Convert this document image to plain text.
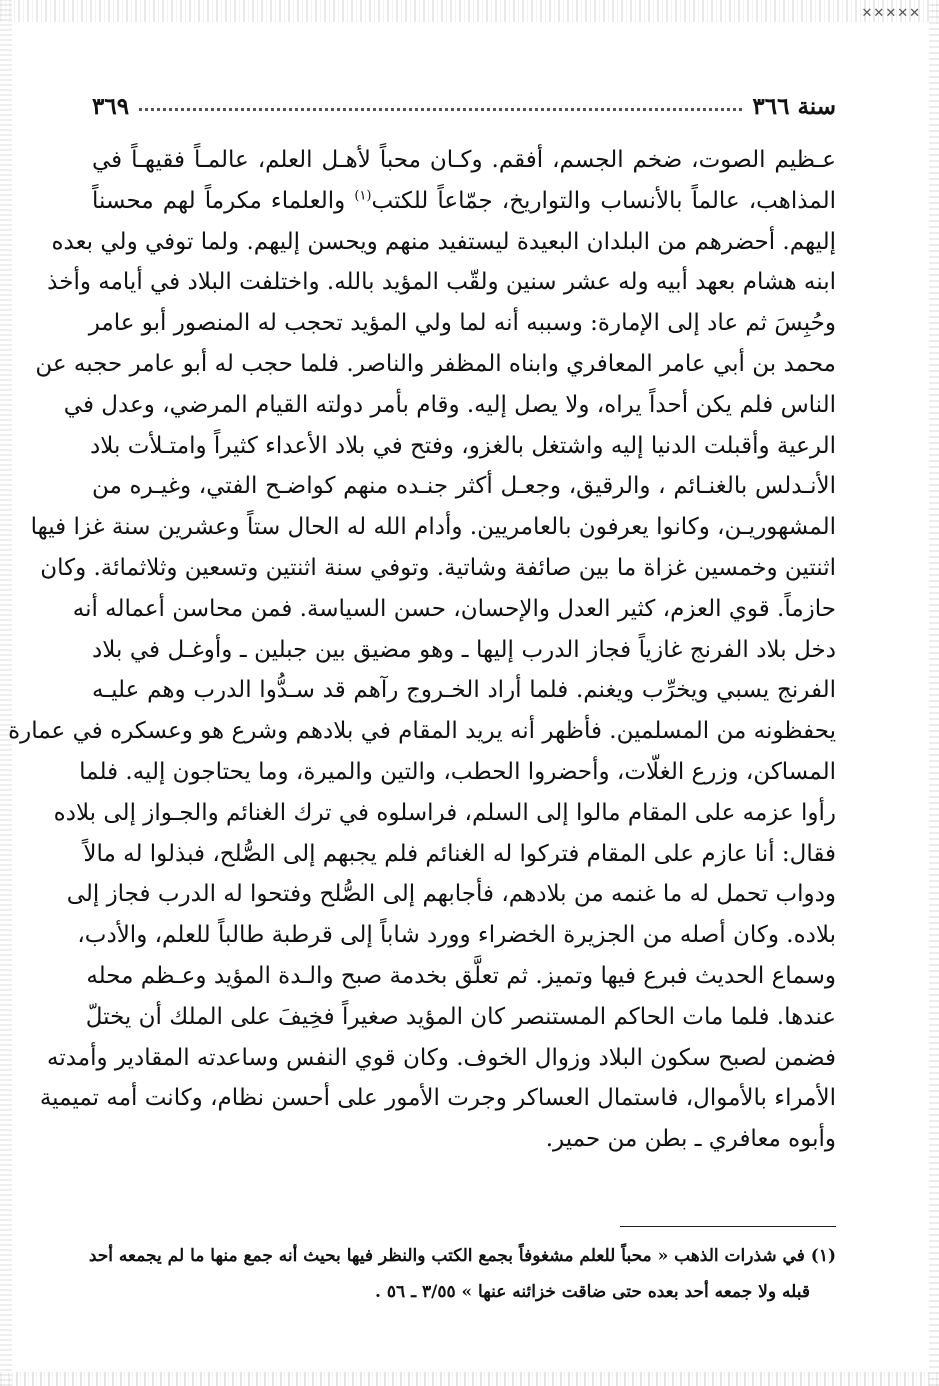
✕✕✕✕✕
سنة ٣٦٦
٣٦٩
عـظيم الصوت، ضخم الجسم، أفقم. وكـان محباً لأهـل العلم، عالمـاً فقيهـاً في
المذاهب، عالماً بالأنساب والتواريخ، جمّاعاً للكتب$^{(١)}$ والعلماء مكرماً لهم محسناً
إليهم. أحضرهم من البلدان البعيدة ليستفيد منهم ويحسن إليهم. ولما توفي ولي بعده
ابنه هشام بعهد أبيه وله عشر سنين ولقّب المؤيد بالله. واختلفت البلاد في أيامه وأخذ
وحُبِسَ ثم عاد إلى الإمارة: وسببه أنه لما ولي المؤيد تحجب له المنصور أبو عامر
محمد بن أبي عامر المعافري وابناه المظفر والناصر. فلما حجب له أبو عامر حجبه عن
الناس فلم يكن أحداً يراه، ولا يصل إليه. وقام بأمر دولته القيام المرضي، وعدل في
الرعية وأقبلت الدنيا إليه واشتغل بالغزو، وفتح في بلاد الأعداء كثيراً وامتـلأت بلاد
الأنـدلس بالغنـائم ، والرقيق، وجعـل أكثر جنـده منهم كواضـح الفتي، وغيـره من
المشهوريـن، وكانوا يعرفون بالعامريين. وأدام الله له الحال ستاً وعشرين سنة غزا فيها
اثنتين وخمسين غزاة ما بين صائفة وشاتية. وتوفي سنة اثنتين وتسعين وثلاثمائة. وكان
حازماً. قوي العزم، كثير العدل والإحسان، حسن السياسة. فمن محاسن أعماله أنه
دخل بلاد الفرنج غازياً فجاز الدرب إليها ـ وهو مضيق بين جبلين ـ وأوغـل في بلاد
الفرنج يسبي ويخرِّب ويغنم. فلما أراد الخـروج رآهم قد سـدُّوا الدرب وهم عليـه
يحفظونه من المسلمين. فأظهر أنه يريد المقام في بلادهم وشرع هو وعسكره في عمارة
المساكن، وزرع الغلّات، وأحضروا الحطب، والتين والميرة، وما يحتاجون إليه. فلما
رأوا عزمه على المقام مالوا إلى السلم، فراسلوه في ترك الغنائم والجـواز إلى بلاده
فقال: أنا عازم على المقام فتركوا له الغنائم فلم يجبهم إلى الصُّلح، فبذلوا له مالاً
ودواب تحمل له ما غنمه من بلادهم، فأجابهم إلى الصُّلح وفتحوا له الدرب فجاز إلى
بلاده. وكان أصله من الجزيرة الخضراء وورد شاباً إلى قرطبة طالباً للعلم، والأدب،
وسماع الحديث فبرع فيها وتميز. ثم تعلَّق بخدمة صبح والـدة المؤيد وعـظم محله
عندها. فلما مات الحاكم المستنصر كان المؤيد صغيراً فخِيفَ على الملك أن يختلّ
فضمن لصبح سكون البلاد وزوال الخوف. وكان قوي النفس وساعدته المقادير وأمدته
الأمراء بالأموال، فاستمال العساكر وجرت الأمور على أحسن نظام، وكانت أمه تميمية
وأبوه معافري ـ بطن من حمير.
(١) في شذرات الذهب « محباً للعلم مشغوفاً بجمع الكتب والنظر فيها بحيث أنه جمع منها ما لم يجمعه أحد
قبله ولا جمعه أحد بعده حتى ضاقت خزائنه عنها » ٣/٥٥ ـ ٥٦ .
